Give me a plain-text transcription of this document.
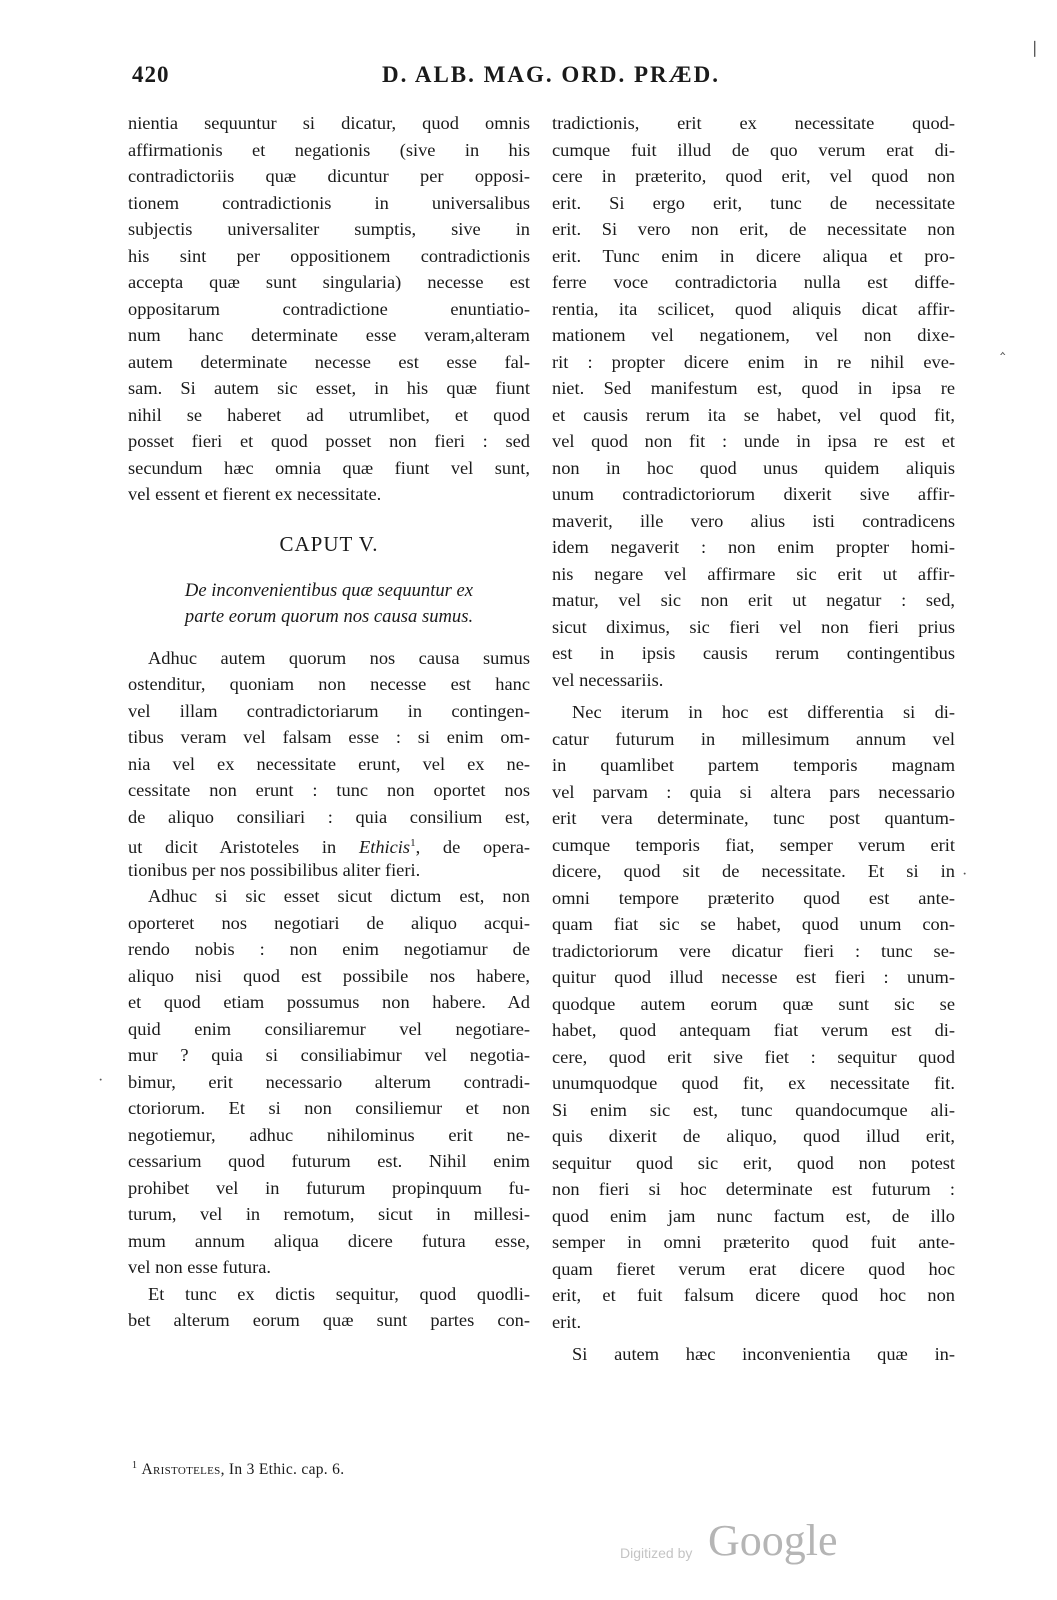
420	D. ALB. MAG. ORD. PRÆD.
nientia sequuntur si dicatur, quod omnis
affirmationis et negationis (sive in his
contradictoriis quæ dicuntur per opposi-
tionem contradictionis in universalibus
subjectis universaliter sumptis, sive in
his sint per oppositionem contradictionis
accepta quæ sunt singularia) necesse est
oppositarum contradictione enuntiatio-
num hanc determinate esse veram,alteram
autem determinate necesse est esse fal-
sam. Si autem sic esset, in his quæ fiunt
nihil se haberet ad utrumlibet, et quod
posset fieri et quod posset non fieri : sed
secundum hæc omnia quæ fiunt vel sunt,
vel essent et fierent ex necessitate.
CAPUT V.
De inconvenientibus quæ sequuntur ex
parte eorum quorum nos causa sumus.
Adhuc autem quorum nos causa sumus
ostenditur, quoniam non necesse est hanc
vel illam contradictoriarum in contingen-
tibus veram vel falsam esse : si enim om-
nia vel ex necessitate erunt, vel ex ne-
cessitate non erunt : tunc non oportet nos
de aliquo consiliari : quia consilium est,
ut dicit Aristoteles in Ethicis$^1$, de opera-
tionibus per nos possibilibus aliter fieri.
Adhuc si sic esset sicut dictum est, non
oporteret nos negotiari de aliquo acqui-
rendo nobis : non enim negotiamur de
aliquo nisi quod est possibile nos habere,
et quod etiam possumus non habere. Ad
quid enim consiliaremur vel negotiare-
mur ? quia si consiliabimur vel negotia-
bimur, erit necessario alterum contradi-
ctoriorum. Et si non consiliemur et non
negotiemur, adhuc nihilominus erit ne-
cessarium quod futurum est. Nihil enim
prohibet vel in futurum propinquum fu-
turum, vel in remotum, sicut in millesi-
mum annum aliqua dicere futura esse,
vel non esse futura.
Et tunc ex dictis sequitur, quod quodli-
bet alterum eorum quæ sunt partes con-
tradictionis, erit ex necessitate quod-
cumque fuit illud de quo verum erat di-
cere in præterito, quod erit, vel quod non
erit. Si ergo erit, tunc de necessitate
erit. Si vero non erit, de necessitate non
erit. Tunc enim in dicere aliqua et pro-
ferre voce contradictoria nulla est diffe-
rentia, ita scilicet, quod aliquis dicat affir-
mationem vel negationem, vel non dixe-
rit : propter dicere enim in re nihil eve-
niet. Sed manifestum est, quod in ipsa re
et causis rerum ita se habet, vel quod fit,
vel quod non fit : unde in ipsa re est et
non in hoc quod unus quidem aliquis
unum contradictoriorum dixerit sive affir-
maverit, ille vero alius isti contradicens
idem negaverit : non enim propter homi-
nis negare vel affirmare sic erit ut affir-
matur, vel sic non erit ut negatur : sed,
sicut diximus, sic fieri vel non fieri prius
est in ipsis causis rerum contingentibus
vel necessariis.
Nec iterum in hoc est differentia si di-
catur futurum in millesimum annum vel
in quamlibet partem temporis magnam
vel parvam : quia si altera pars necessario
erit vera determinate, tunc post quantum-
cumque temporis fiat, semper verum erit
dicere, quod sit de necessitate. Et si in
omni tempore præterito quod est ante-
quam fiat sic se habet, quod unum con-
tradictoriorum vere dicatur fieri : tunc se-
quitur quod illud necesse est fieri : unum-
quodque autem eorum quæ sunt sic se
habet, quod antequam fiat verum est di-
cere, quod erit sive fiet : sequitur quod
unumquodque quod fit, ex necessitate fit.
Si enim sic est, tunc quandocumque ali-
quis dixerit de aliquo, quod illud erit,
sequitur quod sic erit, quod non potest
non fieri si hoc determinate est futurum :
quod enim jam nunc factum est, de illo
semper in omni præterito quod fuit ante-
quam fieret verum erat dicere quod hoc
erit, et fuit falsum dicere quod hoc non
erit.
Si autem hæc inconvenientia quæ in-
$^1$ Aristoteles, In 3 Ethic. cap. 6.
Digitized by Google
❘
‸
·
·
